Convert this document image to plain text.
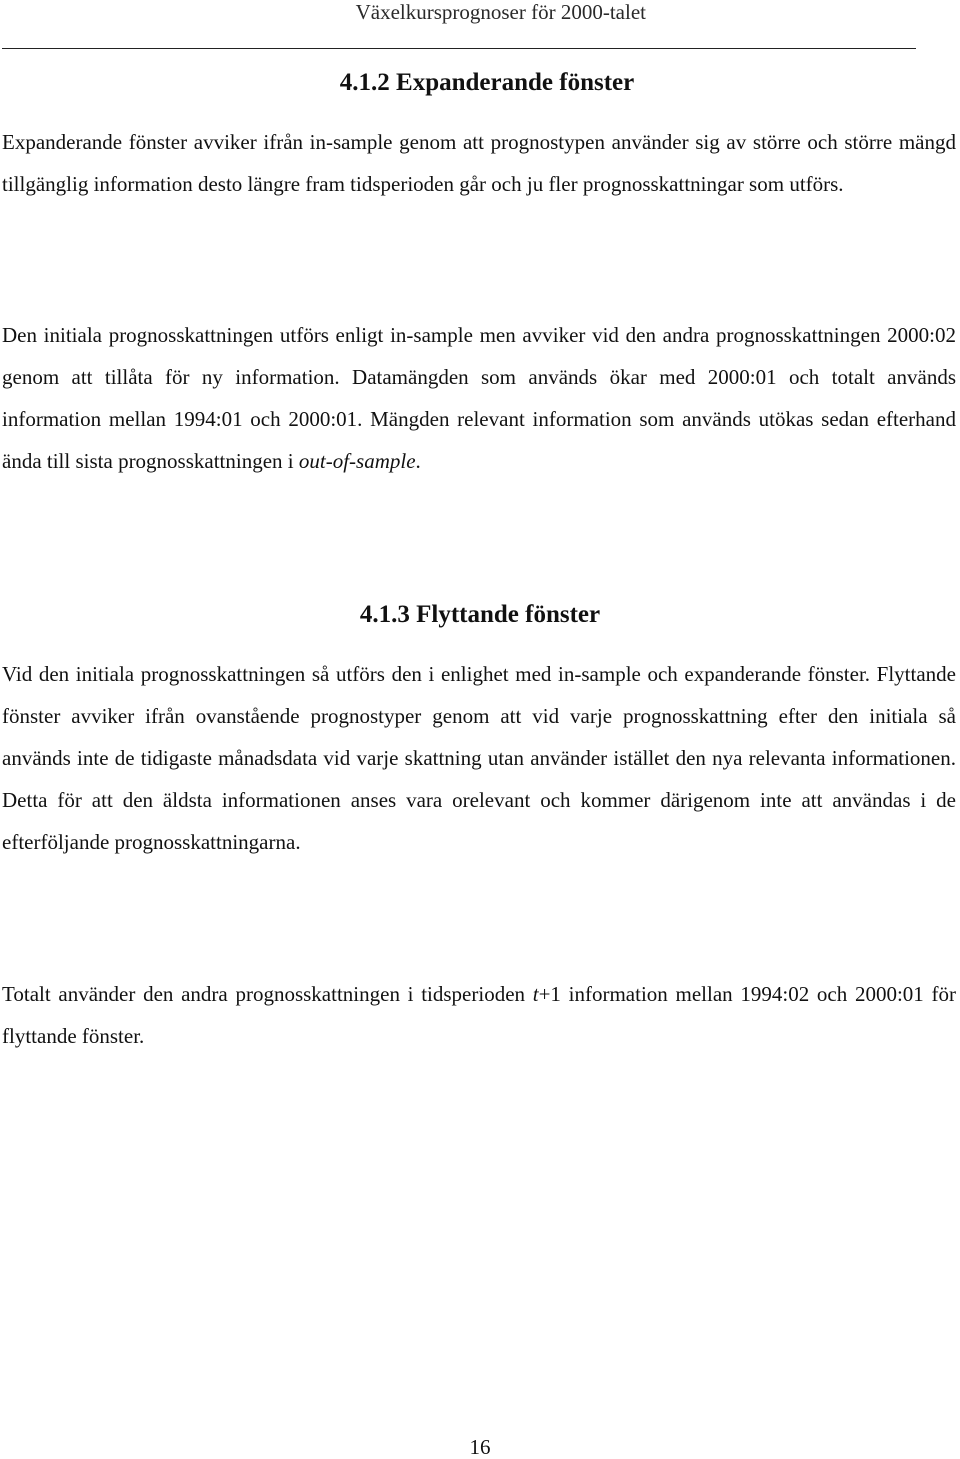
Växelkursprognoser för 2000-talet
4.1.2 Expanderande fönster

Expanderande fönster avviker ifrån in-sample genom att prognostypen använder sig av större och större mängd tillgänglig information desto längre fram tidsperioden går och ju fler prognosskattningar som utförs.

Den initiala prognosskattningen utförs enligt in-sample men avviker vid den andra prognosskattningen 2000:02 genom att tillåta för ny information. Datamängden som används ökar med 2000:01 och totalt används information mellan 1994:01 och 2000:01. Mängden relevant information som används utökas sedan efterhand ända till sista prognosskattningen i out-of-sample.

4.1.3 Flyttande fönster

Vid den initiala prognosskattningen så utförs den i enlighet med in-sample och expanderande fönster. Flyttande fönster avviker ifrån ovanstående prognostyper genom att vid varje prognosskattning efter den initiala så används inte de tidigaste månadsdata vid varje skattning utan använder istället den nya relevanta informationen. Detta för att den äldsta informationen anses vara orelevant och kommer därigenom inte att användas i de efterföljande prognosskattningarna.

Totalt använder den andra prognosskattningen i tidsperioden t+1 information mellan 1994:02 och 2000:01 för flyttande fönster.

16
